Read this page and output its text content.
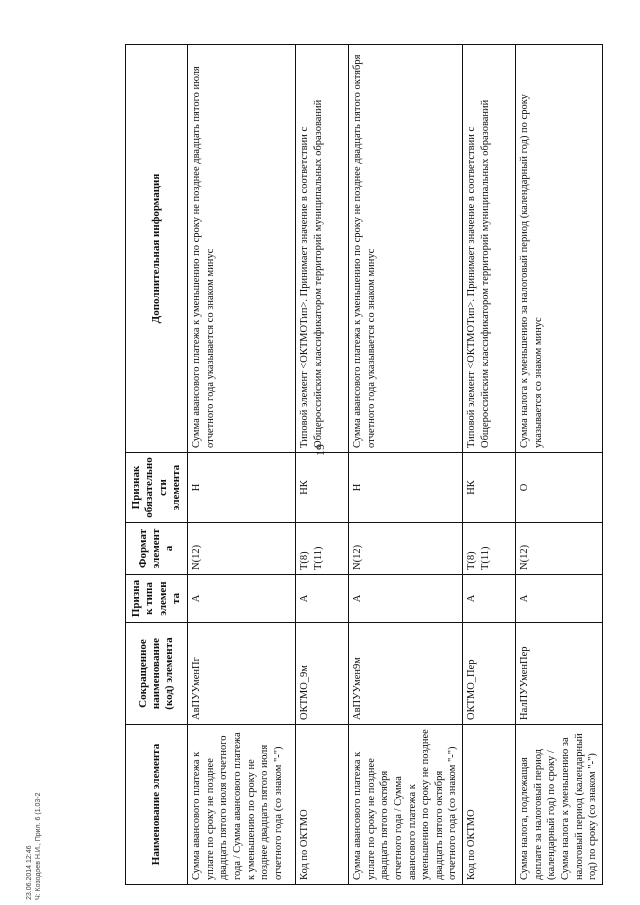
19
23.06.2014 12:46 Ч: Козодоев Н.И., Прил. 6 (1.03-2	Наименование элемента	Сокращенное наименование (код) элемента	Признак типа элемента	Формат элемента	Признак обязательности элемента	Дополнительная информация
Сумма авансового платежа к уплате по сроку не позднее двадцать пятого июля отчетного года / Сумма авансового платежа к уменьшению по сроку не позднее двадцать пятого июля отчетного года (со знаком "-")	АвПУУменПг	А	N(12)	Н	Сумма авансового платежа к уменьшению по сроку не позднее двадцать пятого июля отчетного года указывается со знаком минус
Код по ОКТМО	ОКТМО_9м	А	T(8) T(11)	НК	Типовой элемент <ОКТМОТип>. Принимает значение в соответствии с Общероссийским классификатором территорий муниципальных образований
Сумма авансового платежа к уплате по сроку не позднее двадцать пятого октября отчетного года / Сумма авансового платежа к уменьшению по сроку не позднее двадцать пятого октября отчетного года (со знаком "-")	АвПУУмен9м	А	N(12)	Н	Сумма авансового платежа к уменьшению по сроку не позднее двадцать пятого октября отчетного года указывается со знаком минус
Код по ОКТМО	ОКТМО_Пер	А	T(8) T(11)	НК	Типовой элемент <ОКТМОТип>. Принимает значение в соответствии с Общероссийским классификатором территорий муниципальных образований
Сумма налога, подлежащая доплате за налоговый период (календарный год) по сроку / Сумма налога к уменьшению за налоговый период (календарный год) по сроку (со знаком "-")	НалПУУменПер	А	N(12)	О	Сумма налога к уменьшению за налоговый период (календарный год) по сроку указывается со знаком минус
